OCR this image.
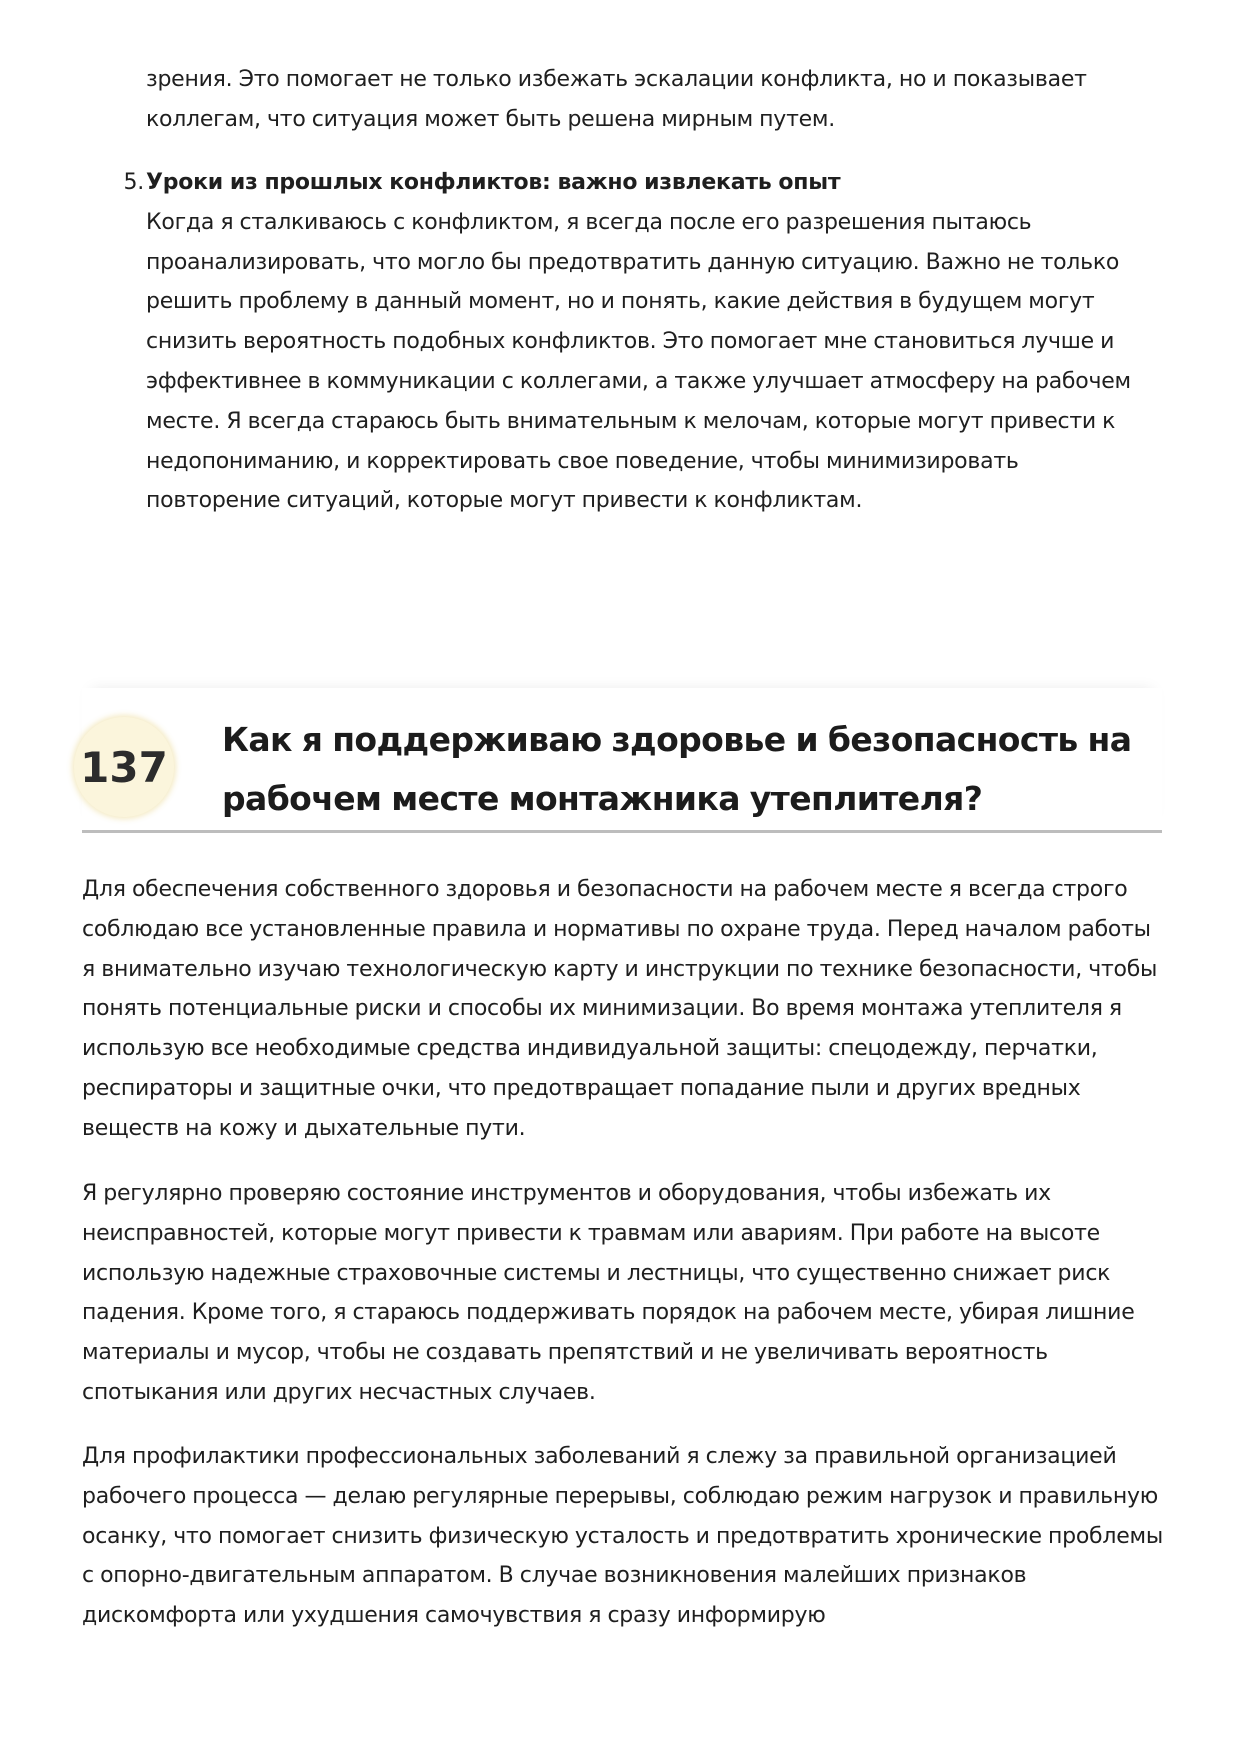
зрения. Это помогает не только избежать эскалации конфликта, но и показывает коллегам, что ситуация может быть решена мирным путем.

5. Уроки из прошлых конфликтов: важно извлекать опыт
Когда я сталкиваюсь с конфликтом, я всегда после его разрешения пытаюсь проанализировать, что могло бы предотвратить данную ситуацию. Важно не только решить проблему в данный момент, но и понять, какие действия в будущем могут снизить вероятность подобных конфликтов. Это помогает мне становиться лучше и эффективнее в коммуникации с коллегами, а также улучшает атмосферу на рабочем месте. Я всегда стараюсь быть внимательным к мелочам, которые могут привести к недопониманию, и корректировать свое поведение, чтобы минимизировать повторение ситуаций, которые могут привести к конфликтам.
137
Как я поддерживаю здоровье и безопасность на рабочем месте монтажника утеплителя?

Для обеспечения собственного здоровья и безопасности на рабочем месте я всегда строго соблюдаю все установленные правила и нормативы по охране труда. Перед началом работы я внимательно изучаю технологическую карту и инструкции по технике безопасности, чтобы понять потенциальные риски и способы их минимизации. Во время монтажа утеплителя я использую все необходимые средства индивидуальной защиты: спецодежду, перчатки, респираторы и защитные очки, что предотвращает попадание пыли и других вредных веществ на кожу и дыхательные пути.

Я регулярно проверяю состояние инструментов и оборудования, чтобы избежать их неисправностей, которые могут привести к травмам или авариям. При работе на высоте использую надежные страховочные системы и лестницы, что существенно снижает риск падения. Кроме того, я стараюсь поддерживать порядок на рабочем месте, убирая лишние материалы и мусор, чтобы не создавать препятствий и не увеличивать вероятность спотыкания или других несчастных случаев.

Для профилактики профессиональных заболеваний я слежу за правильной организацией рабочего процесса — делаю регулярные перерывы, соблюдаю режим нагрузок и правильную осанку, что помогает снизить физическую усталость и предотвратить хронические проблемы с опорно-двигательным аппаратом. В случае возникновения малейших признаков дискомфорта или ухудшения самочувствия я сразу информирую
